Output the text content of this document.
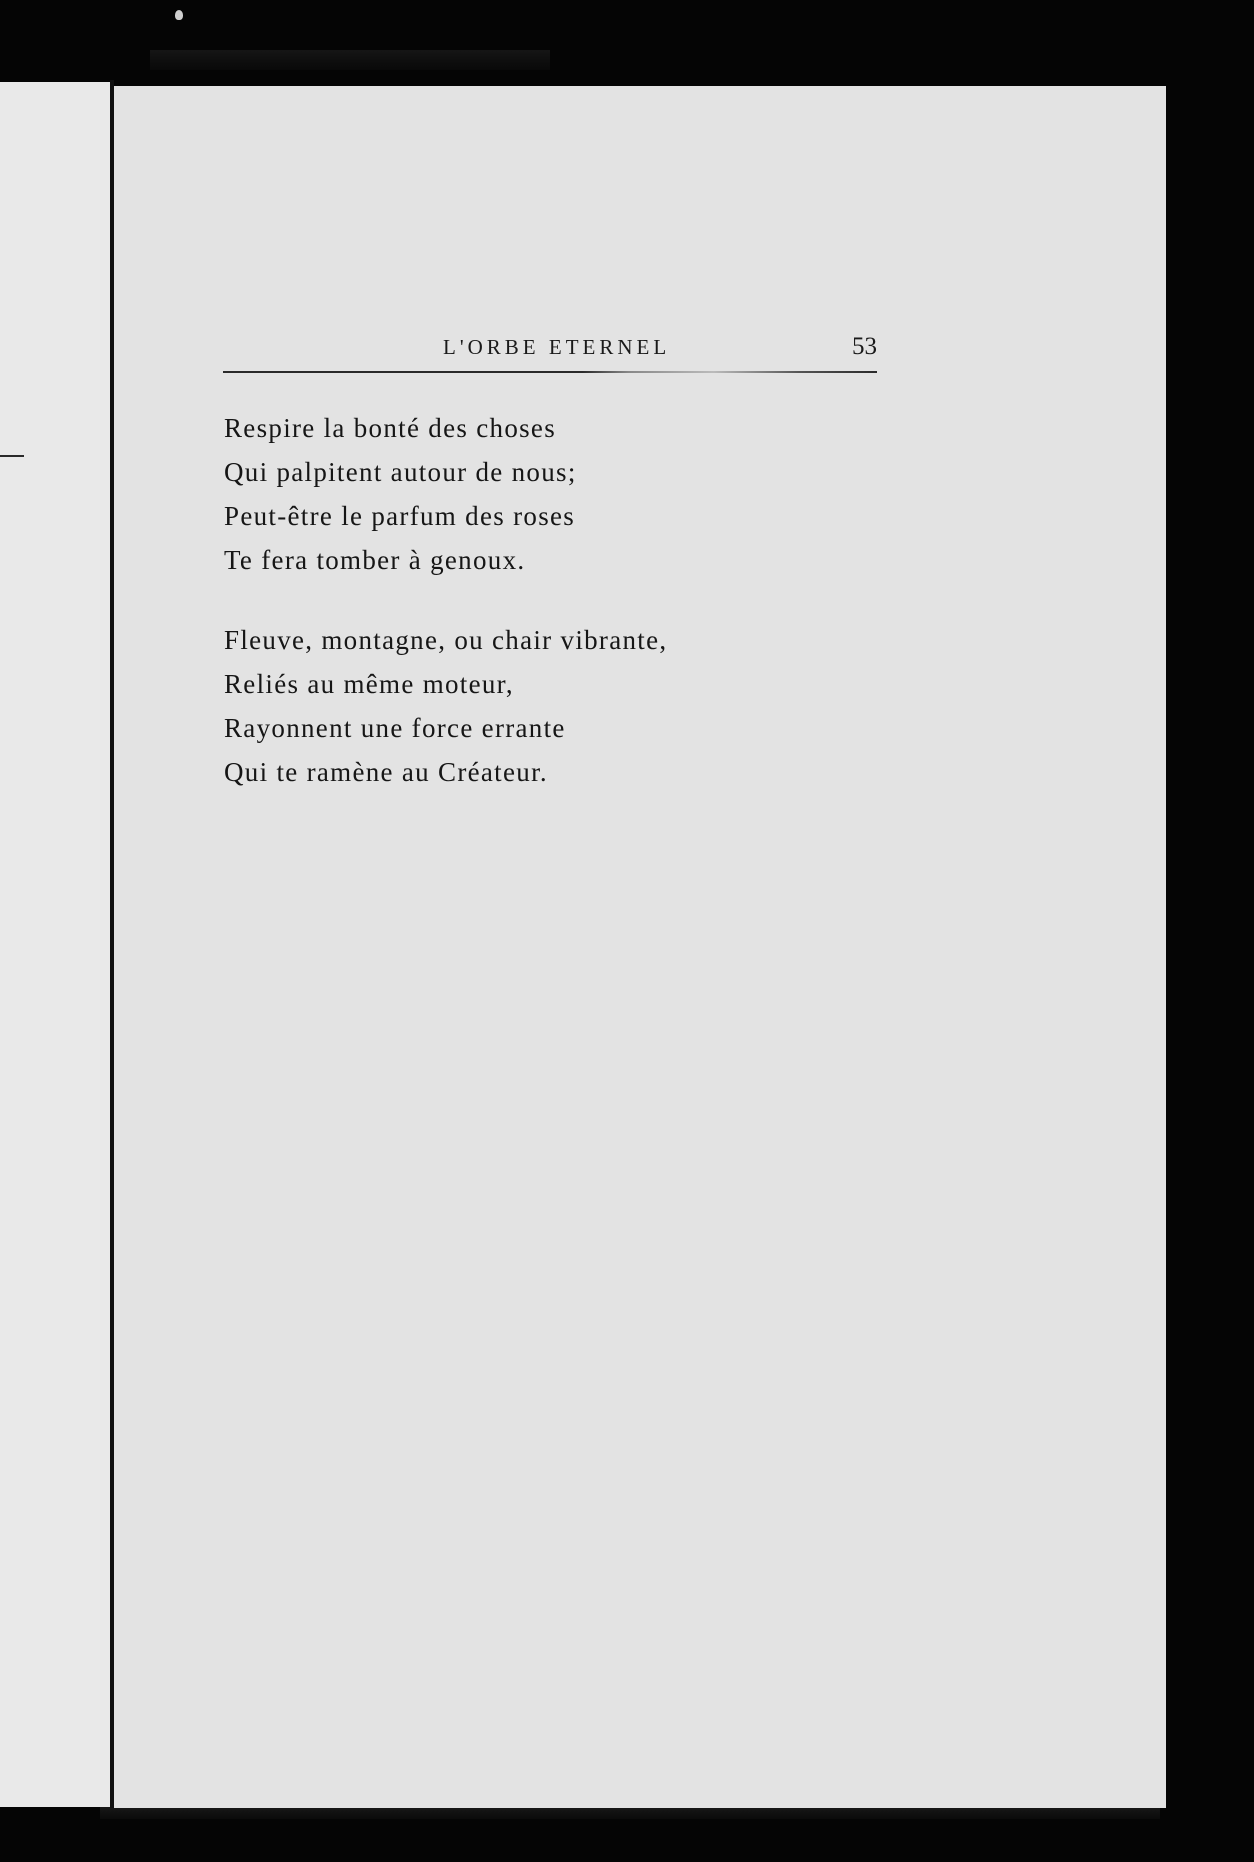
L'ORBE ETERNEL	53
Respire la bonté des choses
Qui palpitent autour de nous;
Peut-être le parfum des roses
Te fera tomber à genoux.
Fleuve, montagne, ou chair vibrante,
Reliés au même moteur,
Rayonnent une force errante
Qui te ramène au Créateur.
